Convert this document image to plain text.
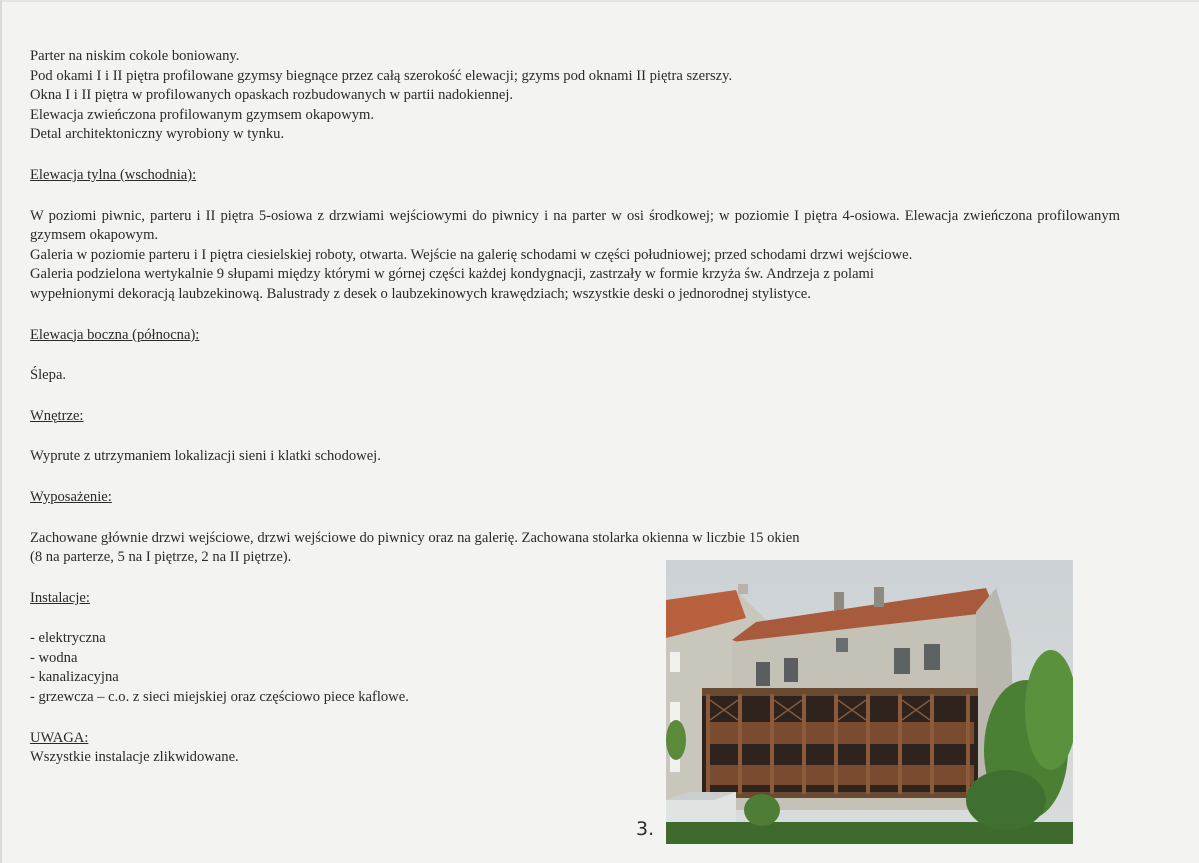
Parter na niskim cokole boniowany.
Pod okami I i II piętra profilowane gzymsy biegnące przez całą szerokość elewacji; gzyms pod oknami II piętra szerszy.
Okna I i II piętra w profilowanych opaskach rozbudowanych w partii nadokiennej.
Elewacja zwieńczona profilowanym gzymsem okapowym.
Detal architektoniczny wyrobiony w tynku.
Elewacja tylna (wschodnia):

W poziomi piwnic, parteru i II piętra 5-osiowa z drzwiami wejściowymi do piwnicy i na parter w osi środkowej; w poziomie I piętra 4-osiowa. Elewacja zwieńczona profilowanym gzymsem okapowym.

Galeria w poziomie parteru i I piętra ciesielskiej roboty, otwarta. Wejście na galerię schodami w części południowej; przed schodami drzwi wejściowe.
Galeria podzielona wertykalnie 9 słupami między którymi w górnej części każdej kondygnacji, zastrzały w formie krzyża św. Andrzeja z polami
wypełnionymi dekoracją laubzekinową. Balustrady z desek o laubzekinowych krawędziach; wszystkie deski o jednorodnej stylistyce.
Elewacja boczna (północna):
Ślepa.
Wnętrze:
Wyprute z utrzymaniem lokalizacji sieni i klatki schodowej.
Wyposażenie:
Zachowane głównie drzwi wejściowe, drzwi wejściowe do piwnicy oraz na galerię. Zachowana stolarka okienna w liczbie 15 okien
(8 na parterze, 5 na I piętrze, 2 na II piętrze).
Instalacje:
- elektryczna
- wodna
- kanalizacyjna
- grzewcza – c.o. z sieci miejskiej oraz częściowo piece kaflowe.
UWAGA:
Wszystkie instalacje zlikwidowane.
3.
